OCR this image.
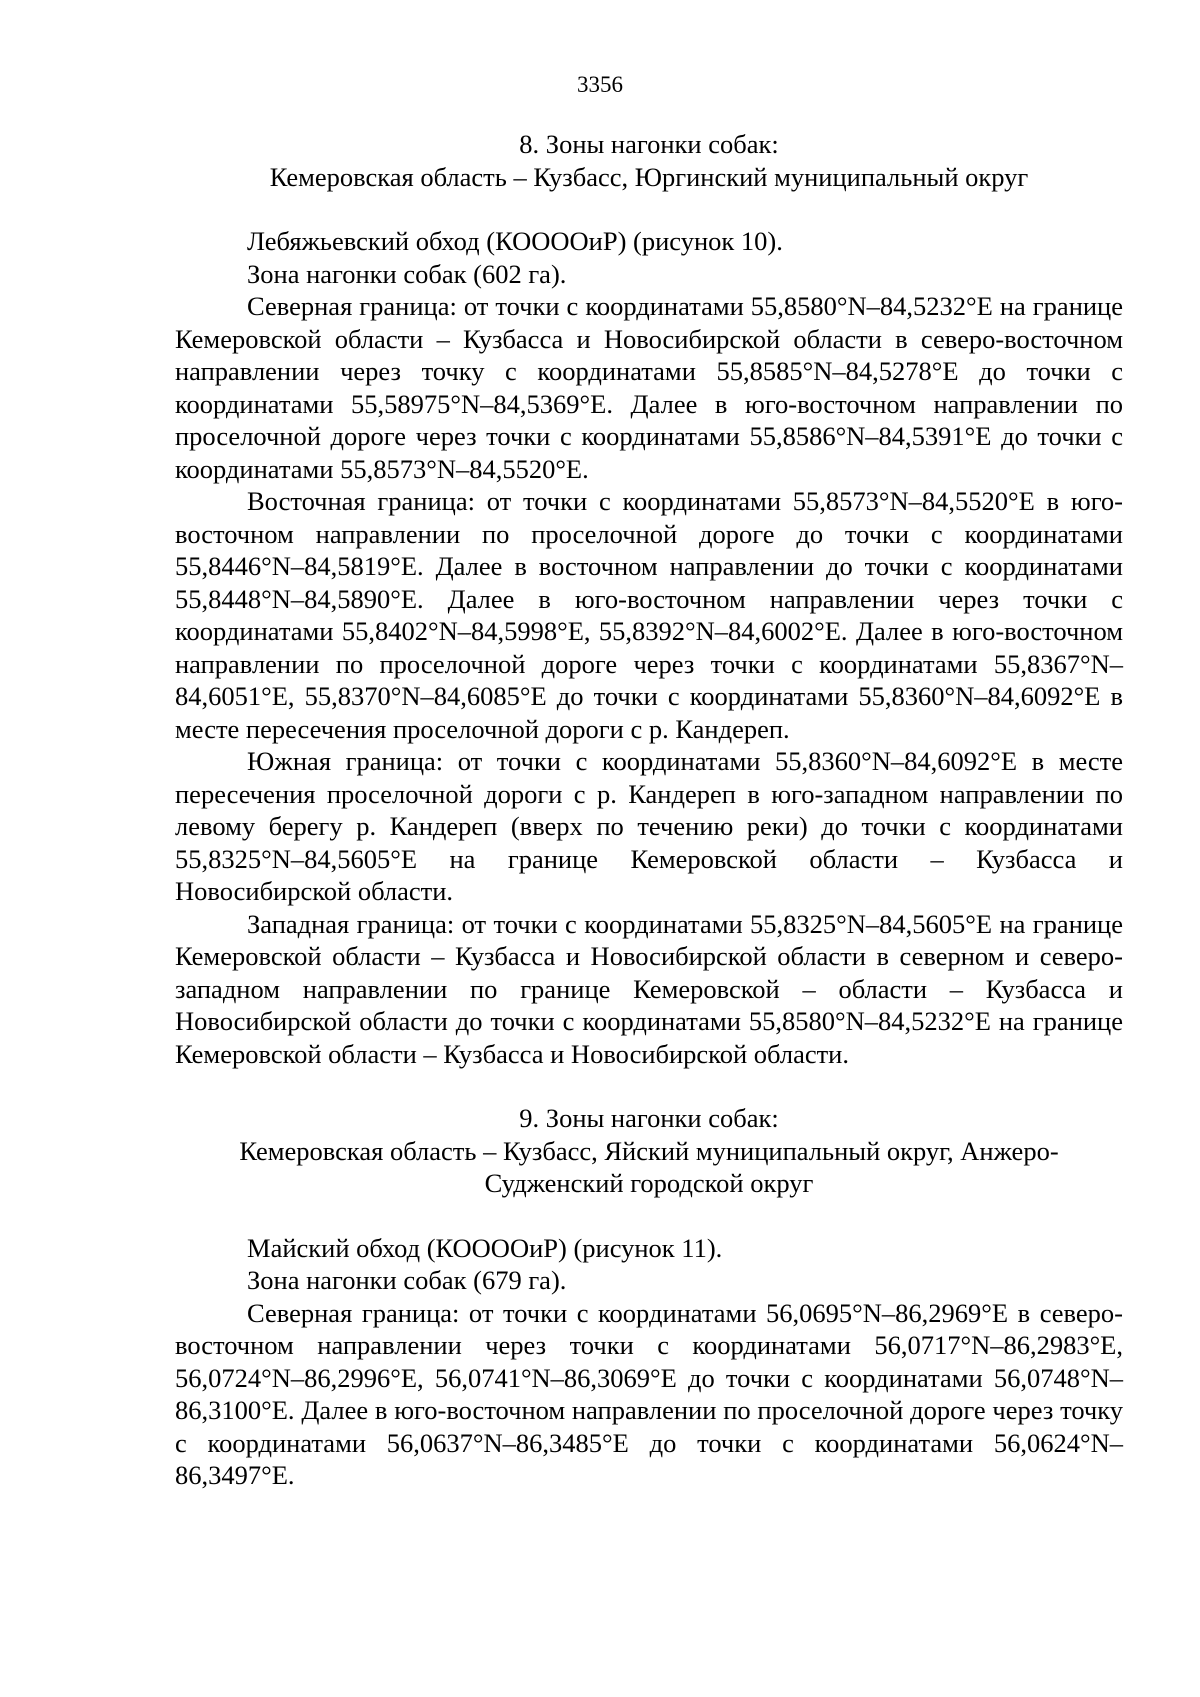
3356
8. Зоны нагонки собак:
Кемеровская область – Кузбасс, Юргинский муниципальный округ

Лебяжьевский обход (КООООиР) (рисунок 10).

Зона нагонки собак (602 га).

Северная граница: от точки с координатами 55,8580°N–84,5232°E на границе Кемеровской области – Кузбасса и Новосибирской области в северо-восточном направлении через точку с координатами 55,8585°N–84,5278°E до точки с координатами 55,58975°N–84,5369°E. Далее в юго-восточном направлении по проселочной дороге через точки с координатами 55,8586°N–84,5391°E до точки с координатами 55,8573°N–84,5520°E.

Восточная граница: от точки с координатами 55,8573°N–84,5520°E в юго-восточном направлении по проселочной дороге до точки с координатами 55,8446°N–84,5819°E. Далее в восточном направлении до точки с координатами 55,8448°N–84,5890°E. Далее в юго-восточном направлении через точки с координатами 55,8402°N–84,5998°E, 55,8392°N–84,6002°E. Далее в юго-восточном направлении по проселочной дороге через точки с координатами 55,8367°N–84,6051°E, 55,8370°N–84,6085°E до точки с координатами 55,8360°N–84,6092°E в месте пересечения проселочной дороги с р. Кандереп.

Южная граница: от точки с координатами 55,8360°N–84,6092°E в месте пересечения проселочной дороги с р. Кандереп в юго-западном направлении по левому берегу р. Кандереп (вверх по течению реки) до точки с координатами 55,8325°N–84,5605°E на границе Кемеровской области – Кузбасса и Новосибирской области.

Западная граница: от точки с координатами 55,8325°N–84,5605°E на границе Кемеровской области – Кузбасса и Новосибирской области в северном и северо-западном направлении по границе Кемеровской – области – Кузбасса и Новосибирской области до точки с координатами 55,8580°N–84,5232°E на границе Кемеровской области – Кузбасса и Новосибирской области.

9. Зоны нагонки собак:
Кемеровская область – Кузбасс, Яйский муниципальный округ, Анжеро-
Судженский городской округ

Майский обход (КООООиР) (рисунок 11).

Зона нагонки собак (679 га).

Северная граница: от точки с координатами 56,0695°N–86,2969°E в северо-восточном направлении через точки с координатами 56,0717°N–86,2983°E, 56,0724°N–86,2996°E, 56,0741°N–86,3069°E до точки с координатами 56,0748°N–86,3100°E. Далее в юго-восточном направлении по проселочной дороге через точку с координатами 56,0637°N–86,3485°E до точки с координатами 56,0624°N–86,3497°E.
